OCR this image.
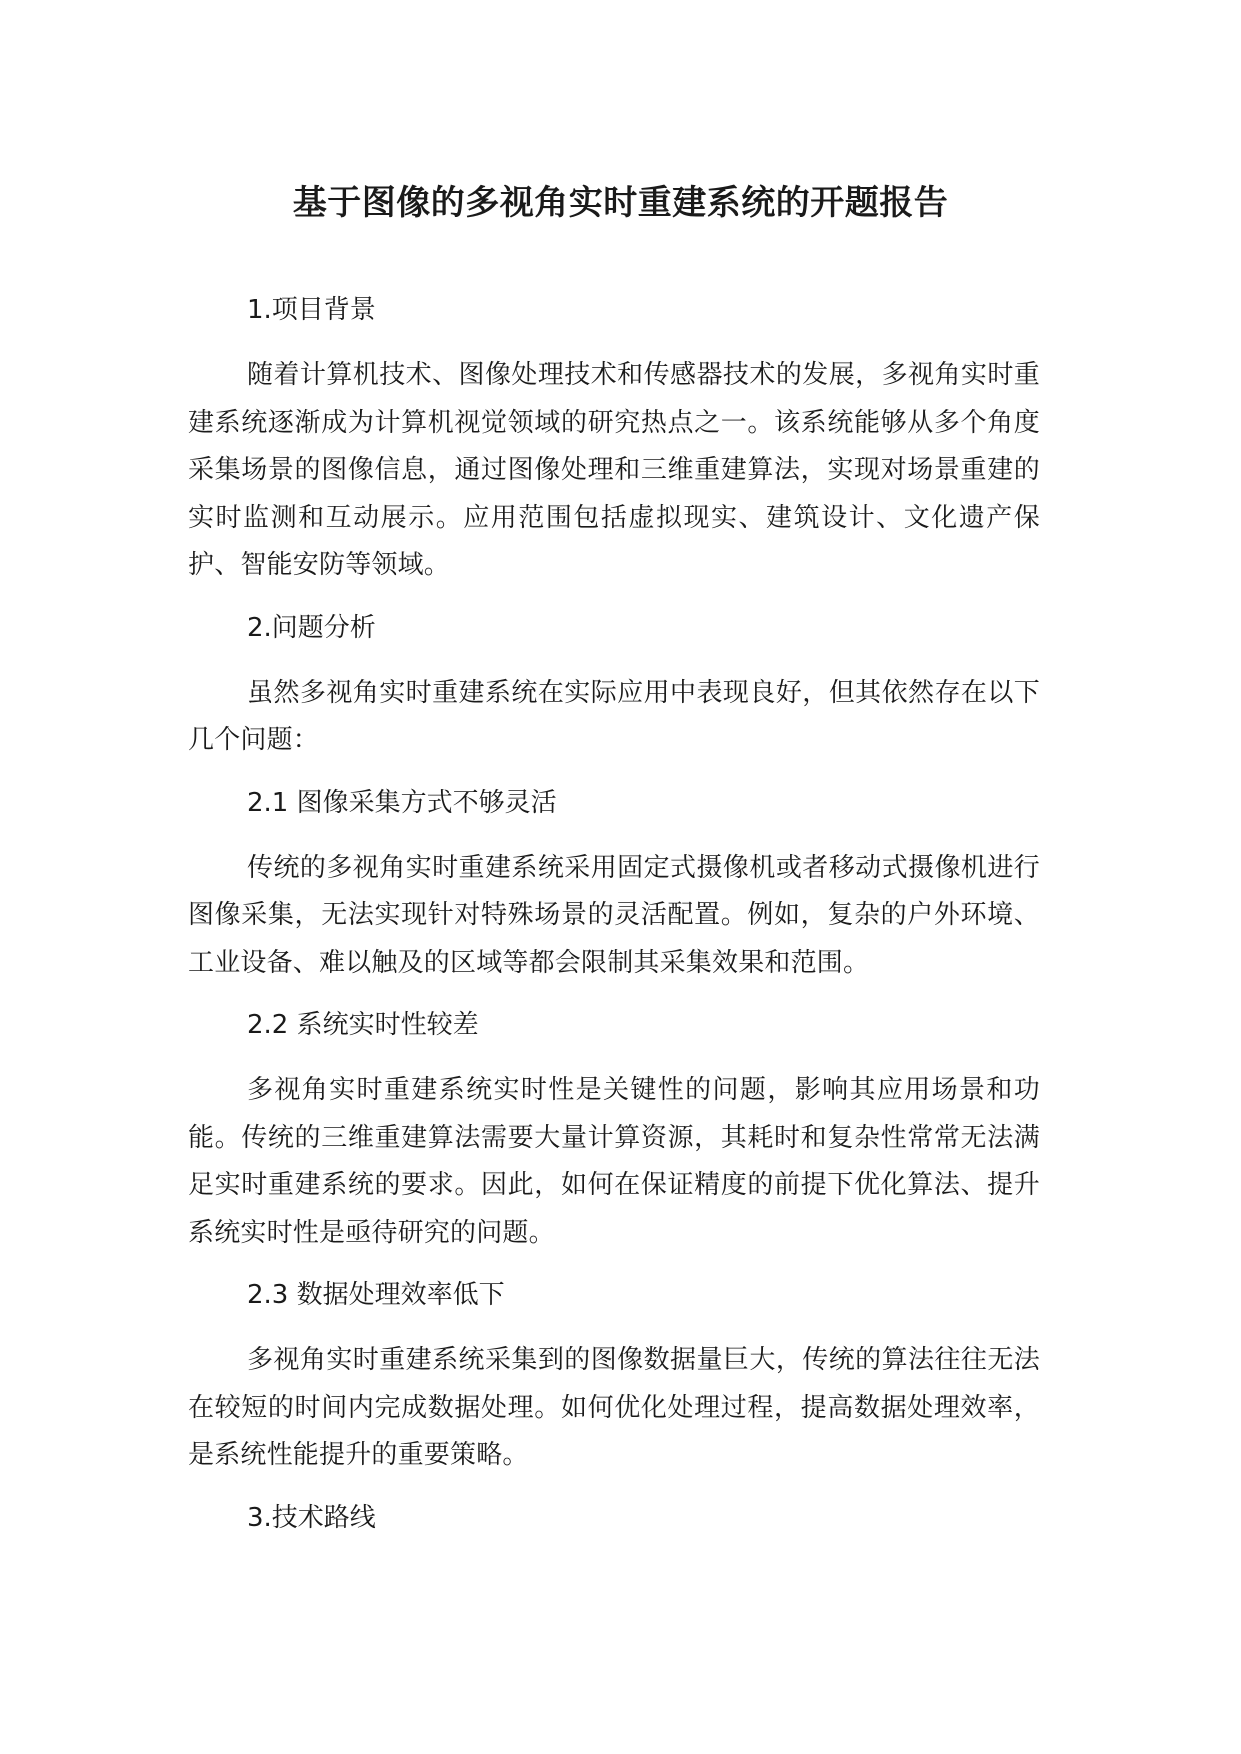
基于图像的多视角实时重建系统的开题报告
1.项目背景

随着计算机技术、图像处理技术和传感器技术的发展，多视角实时重建系统逐渐成为计算机视觉领域的研究热点之一。该系统能够从多个角度采集场景的图像信息，通过图像处理和三维重建算法，实现对场景重建的实时监测和互动展示。应用范围包括虚拟现实、建筑设计、文化遗产保护、智能安防等领域。

2.问题分析

虽然多视角实时重建系统在实际应用中表现良好，但其依然存在以下几个问题：

2.1 图像采集方式不够灵活

传统的多视角实时重建系统采用固定式摄像机或者移动式摄像机进行图像采集，无法实现针对特殊场景的灵活配置。例如，复杂的户外环境、工业设备、难以触及的区域等都会限制其采集效果和范围。

2.2 系统实时性较差

多视角实时重建系统实时性是关键性的问题，影响其应用场景和功能。传统的三维重建算法需要大量计算资源，其耗时和复杂性常常无法满足实时重建系统的要求。因此，如何在保证精度的前提下优化算法、提升系统实时性是亟待研究的问题。

2.3 数据处理效率低下

多视角实时重建系统采集到的图像数据量巨大，传统的算法往往无法在较短的时间内完成数据处理。如何优化处理过程，提高数据处理效率，是系统性能提升的重要策略。

3.技术路线
